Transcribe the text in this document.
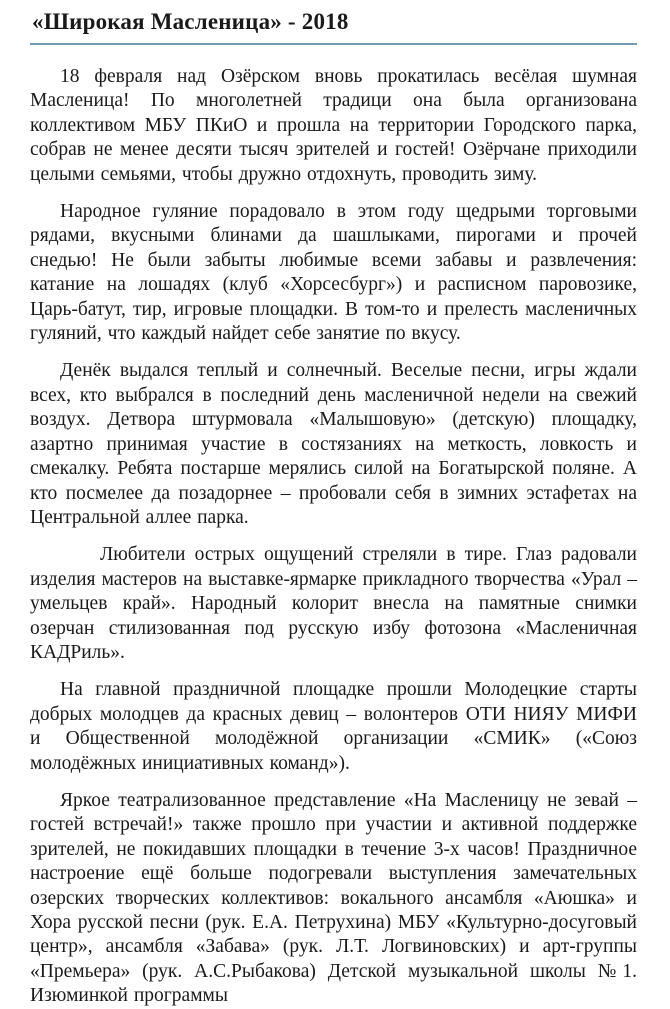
«Широкая Масленица» - 2018

18 февраля над Озёрском вновь прокатилась весёлая шумная Масленица! По многолетней традици она была организована коллективом МБУ ПКиО и прошла на территории Городского парка, собрав не менее десяти тысяч зрителей и гостей! Озёрчане приходили целыми семьями, чтобы дружно отдохнуть, проводить зиму.

Народное гуляние порадовало в этом году щедрыми торговыми рядами, вкусными блинами да шашлыками, пирогами и прочей снедью! Не были забыты любимые всеми забавы и развлечения: катание на лошадях (клуб «Хорсесбург») и расписном паровозике, Царь-батут, тир, игровые площадки. В том-то и прелесть масленичных гуляний, что каждый найдет себе занятие по вкусу.

Денёк выдался теплый и солнечный. Веселые песни, игры ждали всех, кто выбрался в последний день масленичной недели на свежий воздух. Детвора штурмовала «Малышовую» (детскую) площадку, азартно принимая участие в состязаниях на меткость, ловкость и смекалку. Ребята постарше мерялись силой на Богатырской поляне. А кто посмелее да позадорнее – пробовали себя в зимних эстафетах на Центральной аллее парка.

Любители острых ощущений стреляли в тире. Глаз радовали изделия мастеров на выставке-ярмарке прикладного творчества «Урал – умельцев край». Народный колорит внесла на памятные снимки озерчан стилизованная под русскую избу фотозона «Масленичная КАДРиль».

На главной праздничной площадке прошли Молодецкие старты добрых молодцев да красных девиц – волонтеров ОТИ НИЯУ МИФИ и Общественной молодёжной организации «СМИК» («Союз молодёжных инициативных команд»).

Яркое театрализованное представление «На Масленицу не зевай – гостей встречай!» также прошло при участии и активной поддержке зрителей, не покидавших площадки в течение 3-х часов! Праздничное настроение ещё больше подогревали выступления замечательных озерских творческих коллективов: вокального ансамбля «Аюшка» и Хора русской песни (рук. Е.А. Петрухина) МБУ «Культурно-досуговый центр», ансамбля «Забава» (рук. Л.Т. Логвиновских) и арт-группы «Премьера» (рук. А.С.Рыбакова) Детской музыкальной школы №1. Изюминкой программы
